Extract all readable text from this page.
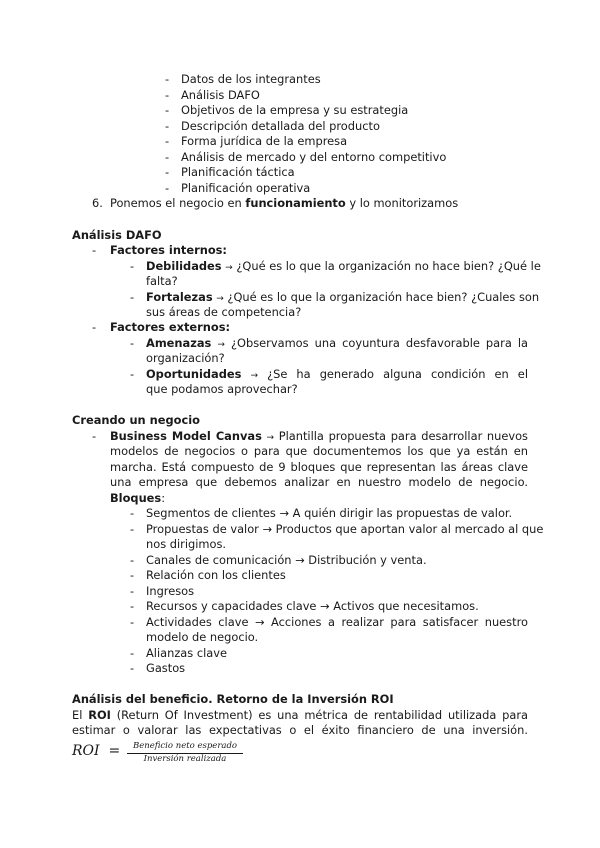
- Datos de los integrantes
- Análisis DAFO
- Objetivos de la empresa y su estrategia
- Descripción detallada del producto
- Forma jurídica de la empresa
- Análisis de mercado y del entorno competitivo
- Planificación táctica
- Planificación operativa
6. Ponemos el negocio en funcionamiento y lo monitorizamos
Análisis DAFO
- Factores internos:
- Debilidades → ¿Qué es lo que la organización no hace bien? ¿Qué le
falta?
- Fortalezas → ¿Qué es lo que la organización hace bien? ¿Cuales son
sus áreas de competencia?
- Factores externos:
- Amenazas → ¿Observamos una coyuntura desfavorable para la
organización?
- Oportunidades → ¿Se ha generado alguna condición en el
que podamos aprovechar?
Creando un negocio
- Business Model Canvas → Plantilla propuesta para desarrollar nuevos
modelos de negocios o para que documentemos los que ya están en
marcha. Está compuesto de 9 bloques que representan las áreas clave
una empresa que debemos analizar en nuestro modelo de negocio.
Bloques:
- Segmentos de clientes → A quién dirigir las propuestas de valor.
- Propuestas de valor → Productos que aportan valor al mercado al que
nos dirigimos.
- Canales de comunicación → Distribución y venta.
- Relación con los clientes
- Ingresos
- Recursos y capacidades clave → Activos que necesitamos.
- Actividades clave → Acciones a realizar para satisfacer nuestro
modelo de negocio.
- Alianzas clave
- Gastos
Análisis del beneficio. Retorno de la Inversión ROI
El ROI (Return Of Investment) es una métrica de rentabilidad utilizada para
estimar o valorar las expectativas o el éxito financiero de una inversión.
ROI  =	Beneficio neto esperado
Inversión realizada
